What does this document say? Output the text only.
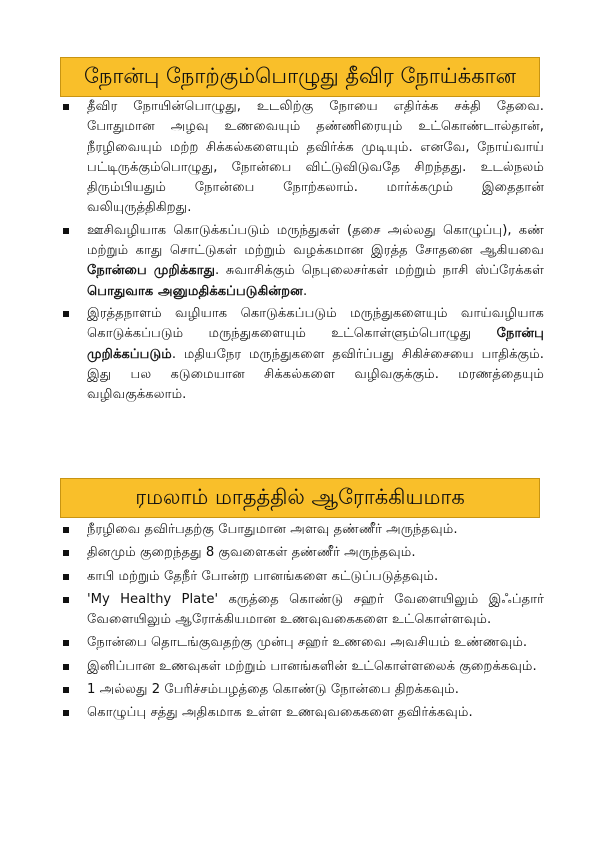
நோன்பு நோற்கும்பொழுது தீவிர நோய்க்கான
தீவிர நோயின்பொழுது, உடலிற்கு நோயை எதிர்க்க சக்தி தேவை. போதுமான அழவு உணவையும் தண்ணிரையும் உட்கொண்டால்தான், நீரழிவையும் மற்ற சிக்கல்களையும் தவிர்க்க முடியும். எனவே, நோய்வாய் பட்டிருக்கும்பொழுது, நோன்பை விட்டுவிடுவதே சிறந்தது. உடல்நலம் திரும்பியதும் நோன்பை நோற்கலாம். மார்க்கமும் இதைதான் வலியுருத்திகிறது.
ஊசிவழியாக கொடுக்கப்படும் மருந்துகள் (தசை அல்லது கொழுப்பு), கண் மற்றும் காது சொட்டுகள் மற்றும் வழக்கமான இரத்த சோதனை ஆகியவை நோன்பை முறிக்காது. சுவாசிக்கும் நெபுலைசர்கள் மற்றும் நாசி ஸ்ப்ரேக்கள் பொதுவாக அனுமதிக்கப்படுகின்றன.
இரத்தநாளம் வழியாக கொடுக்கப்படும் மருந்துகளையும் வாய்வழியாக கொடுக்கப்படும் மருந்துகளையும் உட்கொள்ளும்பொழுது நோன்பு முறிக்கப்படும். மதியநேர மருந்துகளை தவிர்ப்பது சிகிச்சையை பாதிக்கும். இது பல கடுமையான சிக்கல்களை வழிவகுக்கும். மரணத்தையும் வழிவகுக்கலாம்.
ரமலாம் மாதத்தில் ஆரோக்கியமாக
நீரழிவை தவிர்பதற்கு போதுமான அளவு தண்ணீர் அருந்தவும்.
தினமும் குறைந்தது 8 குவளைகள் தண்ணீர் அருந்தவும்.
காபி மற்றும் தேநீர் போன்ற பானங்களை கட்டுப்படுத்தவும்.
'My Healthy Plate' கருத்தை கொண்டு சஹர் வேளையிலும் இஃப்தார் வேளையிலும் ஆரோக்கியமான உணவுவகைகளை உட்கொள்ளவும்.
நோன்பை தொடங்குவதற்கு முன்பு சஹர் உணவை அவசியம் உண்ணவும்.
இனிப்பான உணவுகள் மற்றும் பானங்களின் உட்கொள்ளலைக் குறைக்கவும்.
1 அல்லது 2 பேரிச்சம்பழத்தை கொண்டு நோன்பை திறக்கவும்.
கொழுப்பு சத்து அதிகமாக உள்ள உணவுவகைகளை தவிர்க்கவும்.
